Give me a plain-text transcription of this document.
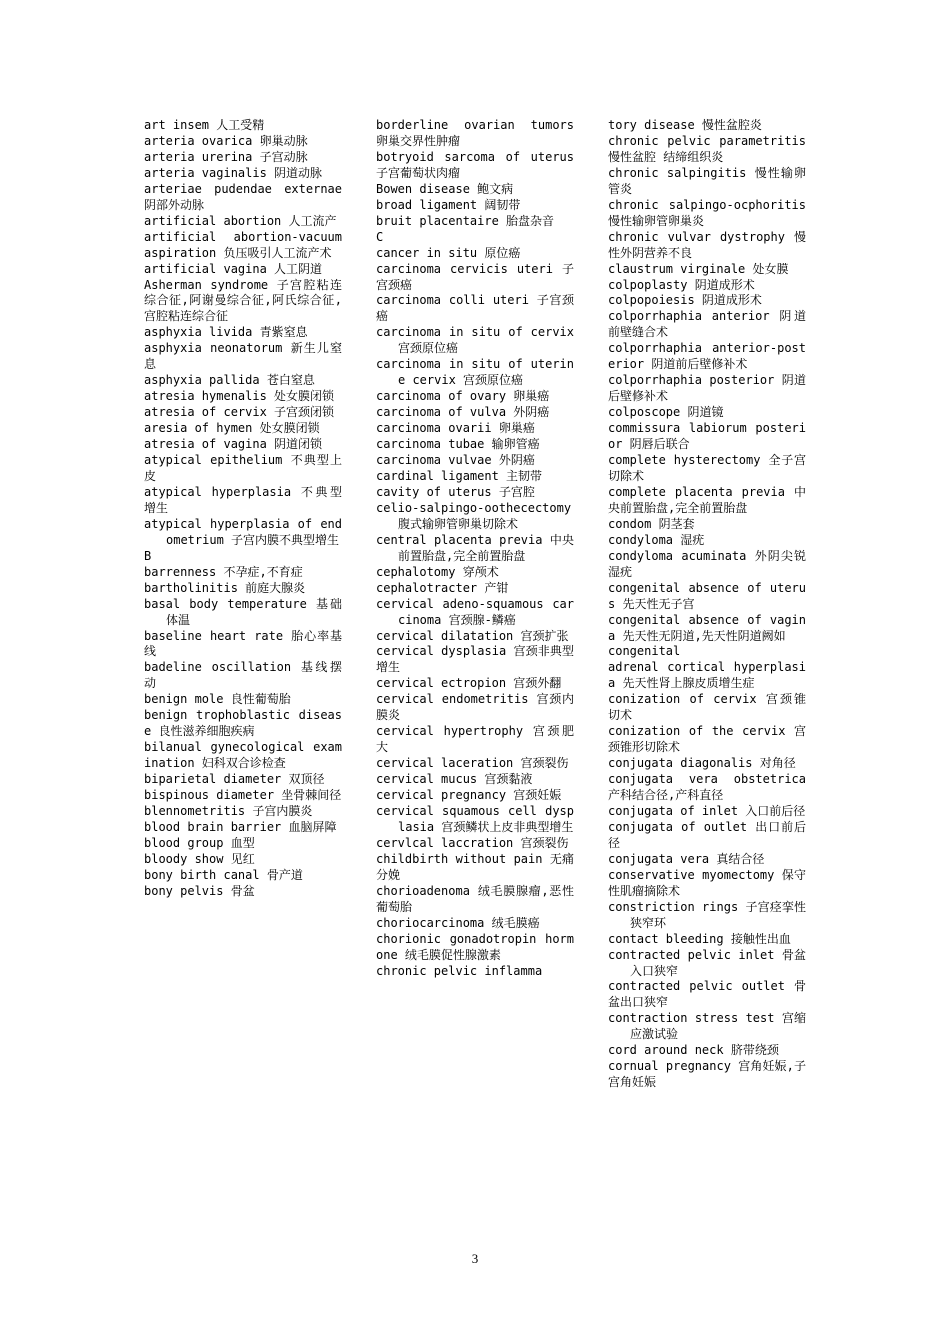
art insem 人工受精

arteria ovarica 卵巢动脉

arteria urerina 子宫动脉

arteria vaginalis 阴道动脉

arteriae pudendae externae 阴部外动脉

artificial abortion 人工流产

artificial abortion-vacuum aspiration 负压吸引人工流产术

artificial vagina 人工阴道

Asherman syndrome 子宫腔粘连综合征,阿谢曼综合征,阿氏综合征,宫腔粘连综合征

asphyxia livida 青紫窒息

asphyxia neonatorum 新生儿窒息

asphyxia pallida 苍白窒息

atresia hymenalis 处女膜闭锁

atresia of cervix 子宫颈闭锁

aresia of hymen 处女膜闭锁

atresia of vagina 阴道闭锁

atypical epithelium 不典型上皮

atypical hyperplasia 不典型增生

atypical hyperplasia of endometrium 子宫内膜不典型增生

B

barrenness 不孕症,不育症

bartholinitis 前庭大腺炎

basal body temperature 基础体温

baseline heart rate 胎心率基线

badeline oscillation 基线摆动

benign mole 良性葡萄胎

benign trophoblastic disease 良性滋养细胞疾病

bilanual gynecological examination 妇科双合诊检查

biparietal diameter 双顶径

bispinous diameter 坐骨棘间径

blennometritis 子宫内膜炎

blood brain barrier 血脑屏障

blood group 血型

bloody show 见红

bony birth canal 骨产道

bony pelvis 骨盆

borderline ovarian tumors 卵巢交界性肿瘤

botryoid sarcoma of uterus 子宫葡萄状肉瘤

Bowen disease 鲍文病

broad ligament 阔韧带

bruit placentaire 胎盘杂音

C

cancer in situ 原位癌

carcinoma cervicis uteri 子宫颈癌

carcinoma colli uteri 子宫颈癌

carcinoma in situ of cervix 宫颈原位癌

carcinoma in situ of uterine cervix 宫颈原位癌

carcinoma of ovary 卵巢癌

carcinoma of vulva 外阴癌

carcinoma ovarii 卵巢癌

carcinoma tubae 输卵管癌

carcinoma vulvae 外阴癌

cardinal ligament 主韧带

cavity of uterus 子宫腔

celio-salpingo-oothecectomy 腹式输卵管卵巢切除术

central placenta previa 中央前置胎盘,完全前置胎盘

cephalotomy 穿颅术

cephalotracter 产钳

cervical adeno-squamous carcinoma 宫颈腺-鳞癌

cervical dilatation 宫颈扩张

cervical dysplasia 宫颈非典型增生

cervical ectropion 宫颈外翻

cervical endometritis 宫颈内膜炎

cervical hypertrophy 宫颈肥大

cervical laceration 宫颈裂伤

cervical mucus 宫颈黏液

cervical pregnancy 宫颈妊娠

cervical squamous cell dysplasia 宫颈鳞状上皮非典型增生

cervlcal laccration 宫颈裂伤

childbirth without pain 无痛分娩

chorioadenoma 绒毛膜腺瘤,恶性葡萄胎

choriocarcinoma 绒毛膜癌

chorionic gonadotropin hormone 绒毛膜促性腺激素

chronic pelvic inflamma

tory disease 慢性盆腔炎

chronic pelvic parametritis 慢性盆腔 结缔组织炎

chronic salpingitis 慢性输卵管炎

chronic salpingo-ocphoritis 慢性输卵管卵巢炎

chronic vulvar dystrophy 慢性外阴营养不良

claustrum virginale 处女膜

colpoplasty 阴道成形术

colpopoiesis 阴道成形术

colporrhaphia anterior 阴道前壁缝合术

colporrhaphia anterior-posterior 阴道前后壁修补术

colporrhaphia posterior 阴道后壁修补术

colposcope 阴道镜

commissura labiorum posterior 阴唇后联合

complete hysterectomy 全子宫切除术

complete placenta previa 中央前置胎盘,完全前置胎盘

condom 阴茎套

condyloma 湿疣

condyloma acuminata 外阴尖锐湿疣

congenital absence of uterus 先天性无子宫

congenital absence of vagina 先天性无阴道,先天性阴道阙如

congenital

adrenal cortical hyperplasia 先天性肾上腺皮质增生症

conization of cervix 宫颈锥切术

conization of the cervix 宫颈锥形切除术

conjugata diagonalis 对角径

conjugata vera obstetrica 产科结合径,产科直径

conjugata of inlet 入口前后径

conjugata of outlet 出口前后径

conjugata vera 真结合径

conservative myomectomy 保守性肌瘤摘除术

constriction rings 子宫痉挛性狭窄环

contact bleeding 接触性出血

contracted pelvic inlet 骨盆入口狭窄

contracted pelvic outlet 骨盆出口狭窄

contraction stress test 宫缩应激试验

cord around neck 脐带绕颈

cornual pregnancy 宫角妊娠,子宫角妊娠

3
